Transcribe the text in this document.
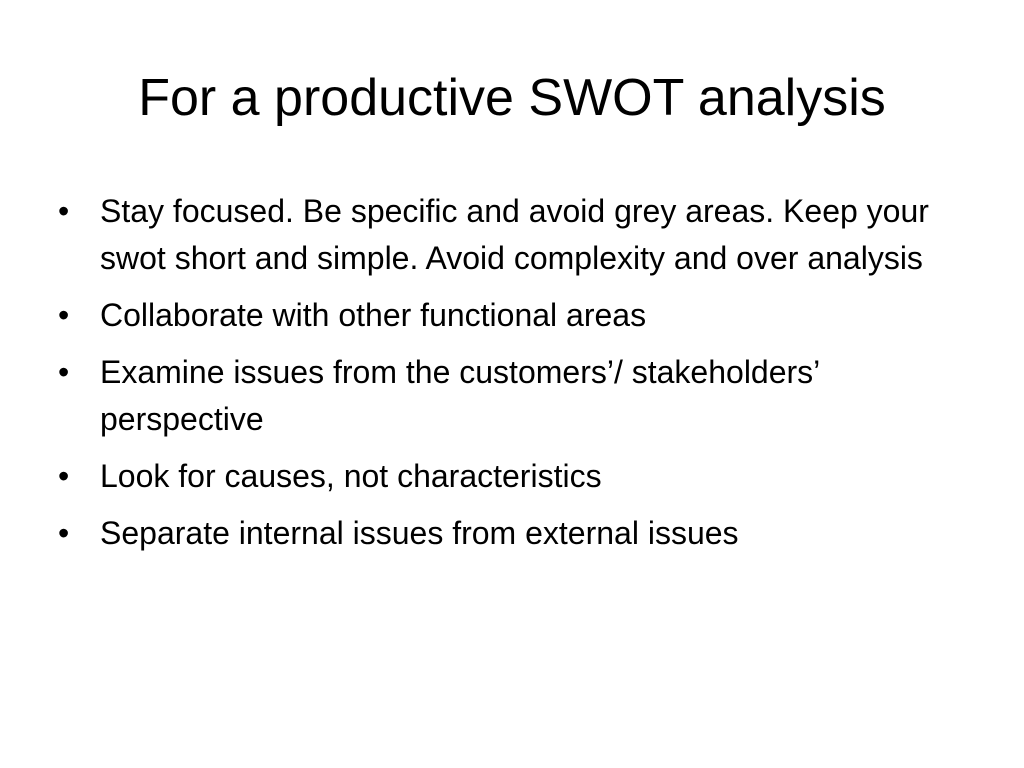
For a productive SWOT analysis
• Stay focused. Be specific and avoid grey areas. Keep your swot short and simple. Avoid complexity and over analysis
• Collaborate with other functional areas
• Examine issues from the customers’/ stakeholders’ perspective
• Look for causes, not characteristics
• Separate internal issues from external issues
